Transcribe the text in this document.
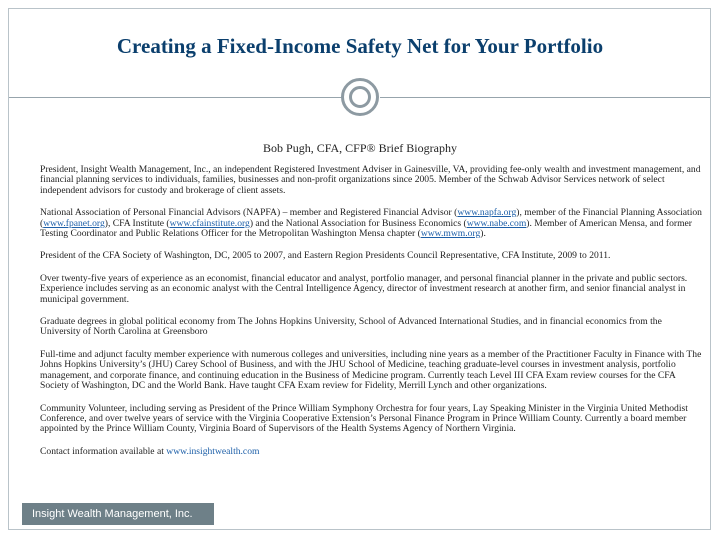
Creating a Fixed-Income Safety Net for Your Portfolio
Bob Pugh, CFA, CFP® Brief Biography
President, Insight Wealth Management, Inc., an independent Registered Investment Adviser in Gainesville, VA, providing fee-only wealth and investment management, and financial planning services to individuals, families, businesses and non-profit organizations since 2005. Member of the Schwab Advisor Services network of select independent advisors for custody and brokerage of client assets.
National Association of Personal Financial Advisors (NAPFA) – member and Registered Financial Advisor (www.napfa.org), member of the Financial Planning Association (www.fpanet.org), CFA Institute (www.cfainstitute.org) and the National Association for Business Economics (www.nabe.com). Member of American Mensa, and former Testing Coordinator and Public Relations Officer for the Metropolitan Washington Mensa chapter (www.mwm.org).
President of the CFA Society of Washington, DC, 2005 to 2007, and Eastern Region Presidents Council Representative, CFA Institute, 2009 to 2011.
Over twenty-five years of experience as an economist, financial educator and analyst, portfolio manager, and personal financial planner in the private and public sectors. Experience includes serving as an economic analyst with the Central Intelligence Agency, director of investment research at another firm, and senior financial analyst in municipal government.
Graduate degrees in global political economy from The Johns Hopkins University, School of Advanced International Studies, and in financial economics from the University of North Carolina at Greensboro
Full-time and adjunct faculty member experience with numerous colleges and universities, including nine years as a member of the Practitioner Faculty in Finance with The Johns Hopkins University’s (JHU) Carey School of Business, and with the JHU School of Medicine, teaching graduate-level courses in investment analysis, portfolio management, and corporate finance, and continuing education in the Business of Medicine program. Currently teach Level III CFA Exam review courses for the CFA Society of Washington, DC and the World Bank. Have taught CFA Exam review for Fidelity, Merrill Lynch and other organizations.
Community Volunteer, including serving as President of the Prince William Symphony Orchestra for four years, Lay Speaking Minister in the Virginia United Methodist Conference, and over twelve years of service with the Virginia Cooperative Extension’s Personal Finance Program in Prince William County. Currently a board member appointed by the Prince William County, Virginia Board of Supervisors of the Health Systems Agency of Northern Virginia.
Contact information available at www.insightwealth.com
Insight Wealth Management, Inc.
